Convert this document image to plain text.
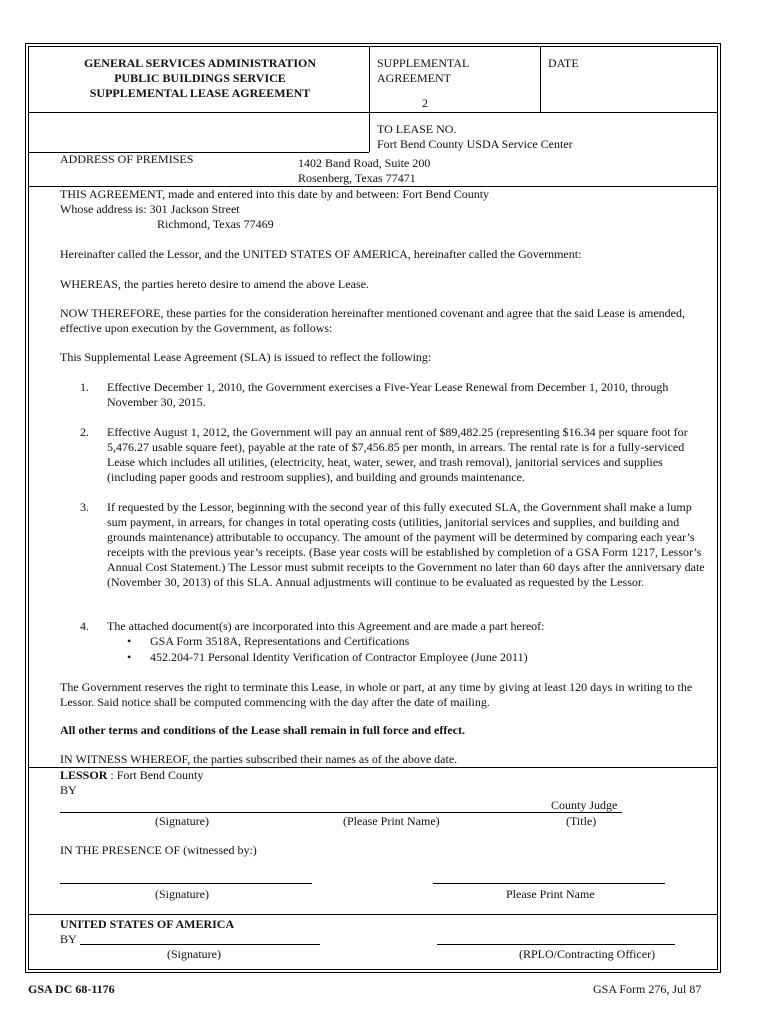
GENERAL SERVICES ADMINISTRATION
PUBLIC BUILDINGS SERVICE
SUPPLEMENTAL LEASE AGREEMENT
SUPPLEMENTAL
AGREEMENT
2
DATE
TO LEASE NO.
Fort Bend County USDA Service Center
ADDRESS OF PREMISES	1402 Band Road, Suite 200
Rosenberg, Texas 77471
THIS AGREEMENT, made and entered into this date by and between: Fort Bend County
Whose address is: 301 Jackson Street
Richmond, Texas 77469
Hereinafter called the Lessor, and the UNITED STATES OF AMERICA, hereinafter called the Government:
WHEREAS, the parties hereto desire to amend the above Lease.
NOW THEREFORE, these parties for the consideration hereinafter mentioned covenant and agree that the said Lease is amended, effective upon execution by the Government, as follows:
This Supplemental Lease Agreement (SLA) is issued to reflect the following:
1. Effective December 1, 2010, the Government exercises a Five-Year Lease Renewal from December 1, 2010, through November 30, 2015.
2. Effective August 1, 2012, the Government will pay an annual rent of $89,482.25 (representing $16.34 per square foot for 5,476.27 usable square feet), payable at the rate of $7,456.85 per month, in arrears. The rental rate is for a fully-serviced Lease which includes all utilities, (electricity, heat, water, sewer, and trash removal), janitorial services and supplies (including paper goods and restroom supplies), and building and grounds maintenance.
3. If requested by the Lessor, beginning with the second year of this fully executed SLA, the Government shall make a lump sum payment, in arrears, for changes in total operating costs (utilities, janitorial services and supplies, and building and grounds maintenance) attributable to occupancy. The amount of the payment will be determined by comparing each year’s receipts with the previous year’s receipts. (Base year costs will be established by completion of a GSA Form 1217, Lessor’s Annual Cost Statement.) The Lessor must submit receipts to the Government no later than 60 days after the anniversary date (November 30, 2013) of this SLA. Annual adjustments will continue to be evaluated as requested by the Lessor.
4. The attached document(s) are incorporated into this Agreement and are made a part hereof:
• GSA Form 3518A, Representations and Certifications
• 452.204-71 Personal Identity Verification of Contractor Employee (June 2011)
The Government reserves the right to terminate this Lease, in whole or part, at any time by giving at least 120 days in writing to the Lessor. Said notice shall be computed commencing with the day after the date of mailing.
All other terms and conditions of the Lease shall remain in full force and effect.
IN WITNESS WHEREOF, the parties subscribed their names as of the above date.
LESSOR : Fort Bend County
BY
County Judge
(Signature)	(Please Print Name)	(Title)
IN THE PRESENCE OF (witnessed by:)
(Signature)	Please Print Name
UNITED STATES OF AMERICA
BY
(Signature)	(RPLO/Contracting Officer)
GSA DC 68-1176	GSA Form 276, Jul 87
